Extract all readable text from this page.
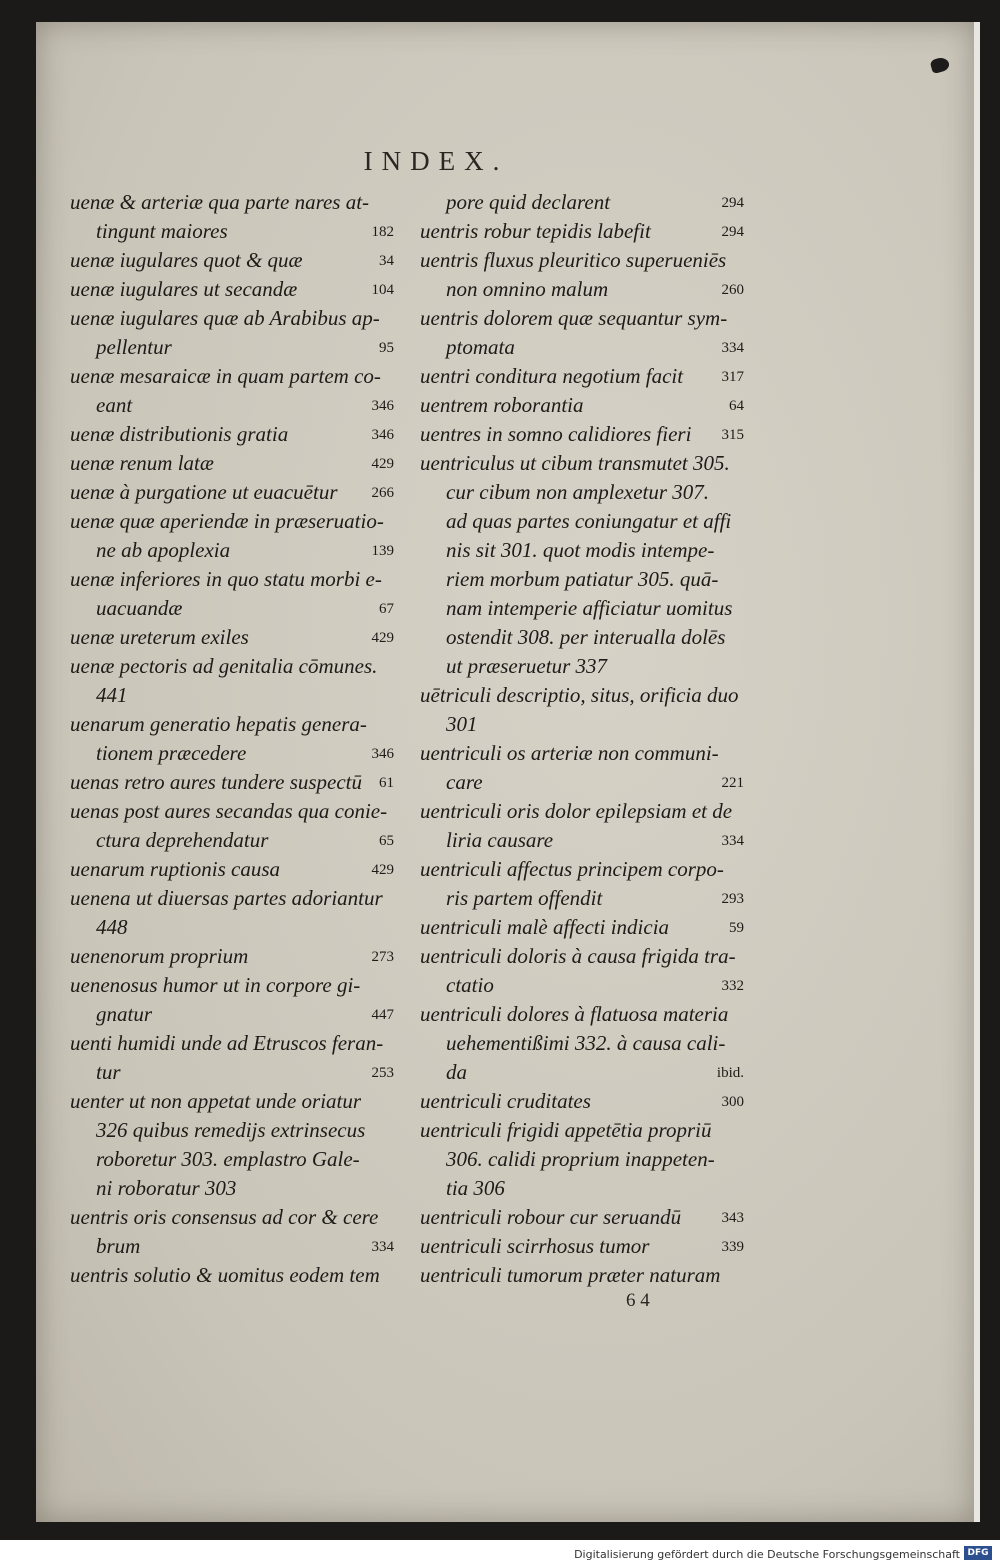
INDEX.
uenæ & arteriæ qua parte nares at-
tingunt maiores	182
uenæ iugulares quot & quæ	34
uenæ iugulares ut secandæ	104
uenæ iugulares quæ ab Arabibus ap-
pellentur	95
uenæ mesaraicæ in quam partem co-
eant	346
uenæ distributionis gratia	346
uenæ renum latæ	429
uenæ à purgatione ut euacuētur 266
uenæ quæ aperiendæ in præseruatio-
ne ab apoplexia	139
uenæ inferiores in quo statu morbi e-
uacuandæ	67
uenæ ureterum exiles	429
uenæ pectoris ad genitalia cōmunes.
441
uenarum generatio hepatis genera-
tionem præcedere	346
uenas retro aures tundere suspectū 61
uenas post aures secandas qua conie-
ctura deprehendatur	65
uenarum ruptionis causa	429
uenena ut diuersas partes adoriantur
448
uenenorum proprium	273
uenenosus humor ut in corpore gi-
gnatur	447
uenti humidi unde ad Etruscos feran-
tur	253
uenter ut non appetat unde oriatur
326 quibus remedijs extrinsecus
roboretur 303. emplastro Gale-
ni roboratur 303
uentris oris consensus ad cor & cere
brum	334
uentris solutio & uomitus eodem tem
pore quid declarent	294
uentris robur tepidis labefit	294
uentris fluxus pleuritico superueniēs
non omnino malum	260
uentris dolorem quæ sequantur sym-
ptomata	334
uentri conditura negotium facit	317
uentrem roborantia	64
uentres in somno calidiores fieri 315
uentriculus ut cibum transmutet 305.
cur cibum non amplexetur 307.
ad quas partes coniungatur et affi
nis sit 301. quot modis intempe-
riem morbum patiatur 305. quā-
nam intemperie afficiatur uomitus
ostendit 308. per interualla dolēs
ut præseruetur 337
uētriculi descriptio, situs, orificia duo
301
uentriculi os arteriæ non communi-
care	221
uentriculi oris dolor epilepsiam et de
liria causare	334
uentriculi affectus principem corpo-
ris partem offendit	293
uentriculi malè affecti indicia	59
uentriculi doloris à causa frigida tra-
ctatio	332
uentriculi dolores à flatuosa materia
uehementißimi 332. à causa cali-
da	ibid.
uentriculi cruditates	300
uentriculi frigidi appetētia propriū
306. calidi proprium inappeten-
tia 306
uentriculi robour cur seruandū	343
uentriculi scirrhosus tumor	339
uentriculi tumorum præter naturam
6 4
Digitalisierung gefördert durch die Deutsche Forschungsgemeinschaft DFG
